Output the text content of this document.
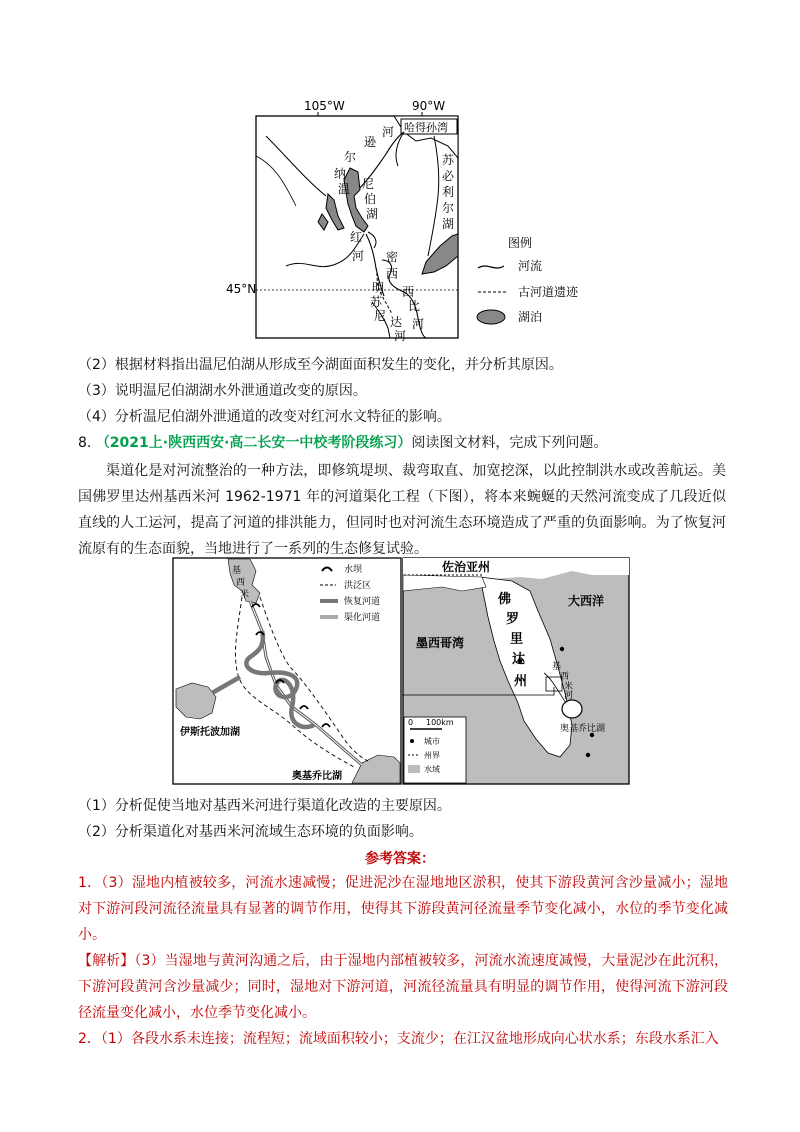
105°W	90°W
45°N
哈得孙湾
逊
河
尔
纳
温 尼
伯
湖
红
河
苏
必
利
尔
湖
密
西
明
苏
尼 达
河
西
比
河
图例
河流
古河道遗迹
湖泊
（2）根据材料指出温尼伯湖从形成至今湖面面积发生的变化，并分析其原因。
（3）说明温尼伯湖湖水外泄通道改变的原因。
（4）分析温尼伯湖外泄通道的改变对红河水文特征的影响。
8. （2021上·陕西西安·高二长安一中校考阶段练习）阅读图文材料，完成下列问题。
渠道化是对河流整治的一种方法，即修筑堤坝、裁弯取直、加宽挖深，以此控制洪水或改善航运。美国佛罗里达州基西米河 1962-1971 年的河道渠化工程（下图），将本来蜿蜒的天然河流变成了几段近似直线的人工运河，提高了河道的排洪能力，但同时也对河流生态环境造成了严重的负面影响。为了恢复河流原有的生态面貌，当地进行了一系列的生态修复试验。
基
西
米
水坝
洪泛区
恢复河道
渠化河道
伊斯托波加湖
奥基乔比湖
佐治亚州
大西洋
墨西哥湾
佛
罗
里
达
州
基
西
米
河
奥基乔比湖
0 100km
城市
州界
水域
（1）分析促使当地对基西米河进行渠道化改造的主要原因。
（2）分析渠道化对基西米河流域生态环境的负面影响。
参考答案：
1．（3）湿地内植被较多，河流水速减慢；促进泥沙在湿地地区淤积，使其下游段黄河含沙量减小；湿地对下游河段河流径流量具有显著的调节作用，使得其下游段黄河径流量季节变化减小，水位的季节变化减小。
【解析】（3）当湿地与黄河沟通之后，由于湿地内部植被较多，河流水流速度减慢，大量泥沙在此沉积，下游河段黄河含沙量减少；同时，湿地对下游河道，河流径流量具有明显的调节作用，使得河流下游河段径流量变化减小，水位季节变化减小。
2．（1）各段水系未连接；流程短；流域面积较小；支流少；在江汉盆地形成向心状水系；东段水系汇入
